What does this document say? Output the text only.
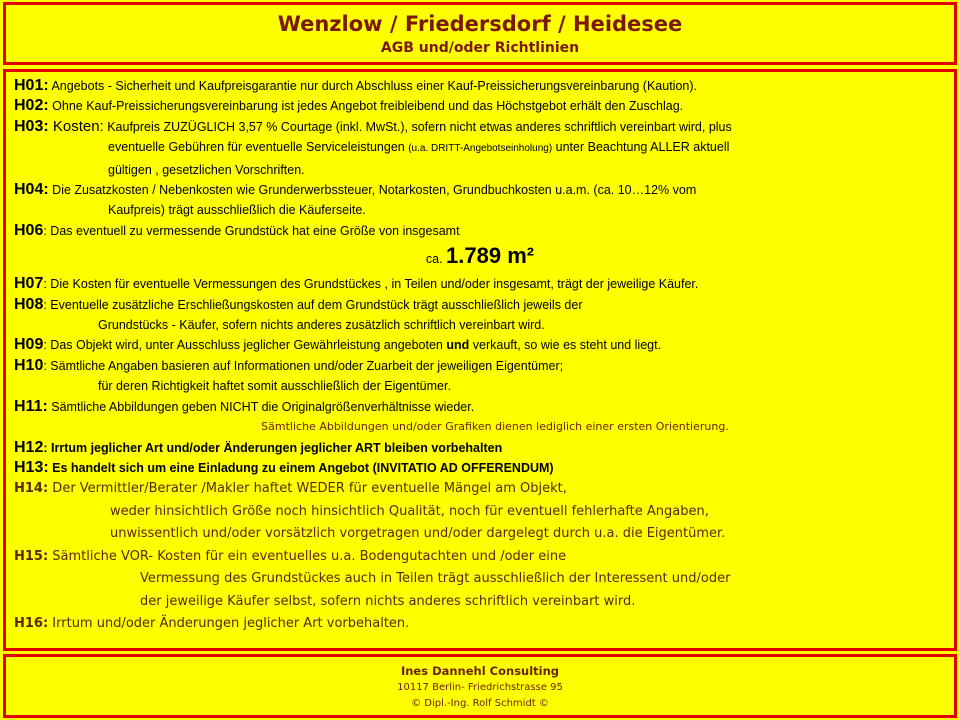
Wenzlow / Friedersdorf / Heidesee
AGB und/oder Richtlinien
H01: Angebots - Sicherheit und Kaufpreisgarantie nur durch Abschluss einer Kauf-Preissicherungsvereinbarung (Kaution).
H02: Ohne Kauf-Preissicherungsvereinbarung ist jedes Angebot freibleibend und das Höchstgebot erhält den Zuschlag.
H03: Kosten: Kaufpreis ZUZÜGLICH 3,57 % Courtage (inkl. MwSt.), sofern nicht etwas anderes schriftlich vereinbart wird, plus
eventuelle Gebühren für eventuelle Serviceleistungen (u.a. DRITT-Angebotseinholung) unter Beachtung ALLER aktuell
gültigen , gesetzlichen Vorschriften.
H04: Die Zusatzkosten / Nebenkosten wie Grunderwerbssteuer, Notarkosten, Grundbuchkosten u.a.m. (ca. 10…12% vom
Kaufpreis) trägt ausschließlich die Käuferseite.
H06: Das eventuell zu vermessende Grundstück hat eine Größe von insgesamt
ca. 1.789 m²
H07: Die Kosten für eventuelle Vermessungen des Grundstückes , in Teilen und/oder insgesamt, trägt der jeweilige Käufer.
H08: Eventuelle zusätzliche Erschließungskosten auf dem Grundstück trägt ausschließlich jeweils der
Grundstücks - Käufer, sofern nichts anderes zusätzlich schriftlich vereinbart wird.
H09: Das Objekt wird, unter Ausschluss jeglicher Gewährleistung angeboten und verkauft, so wie es steht und liegt.
H10: Sämtliche Angaben basieren auf Informationen und/oder Zuarbeit der jeweiligen Eigentümer;
für deren Richtigkeit haftet somit ausschließlich der Eigentümer.
H11: Sämtliche Abbildungen geben NICHT die Originalgrößenverhältnisse wieder.
Sämtliche Abbildungen und/oder Grafiken dienen lediglich einer ersten Orientierung.
H12: Irrtum jeglicher Art und/oder Änderungen jeglicher ART bleiben vorbehalten
H13: Es handelt sich um eine Einladung zu einem Angebot (INVITATIO AD OFFERENDUM)
H14: Der Vermittler/Berater /Makler haftet WEDER für eventuelle Mängel am Objekt,
weder hinsichtlich Größe noch hinsichtlich Qualität, noch für eventuell fehlerhafte Angaben,
unwissentlich und/oder vorsätzlich vorgetragen und/oder dargelegt durch u.a. die Eigentümer.
H15: Sämtliche VOR- Kosten für ein eventuelles u.a. Bodengutachten und /oder eine
Vermessung des Grundstückes auch in Teilen trägt ausschließlich der Interessent und/oder
der jeweilige Käufer selbst, sofern nichts anderes schriftlich vereinbart wird.
H16: Irrtum und/oder Änderungen jeglicher Art vorbehalten.
Ines Dannehl Consulting
10117 Berlin- Friedrichstrasse 95
© Dipl.-Ing. Rolf Schmidt ©
